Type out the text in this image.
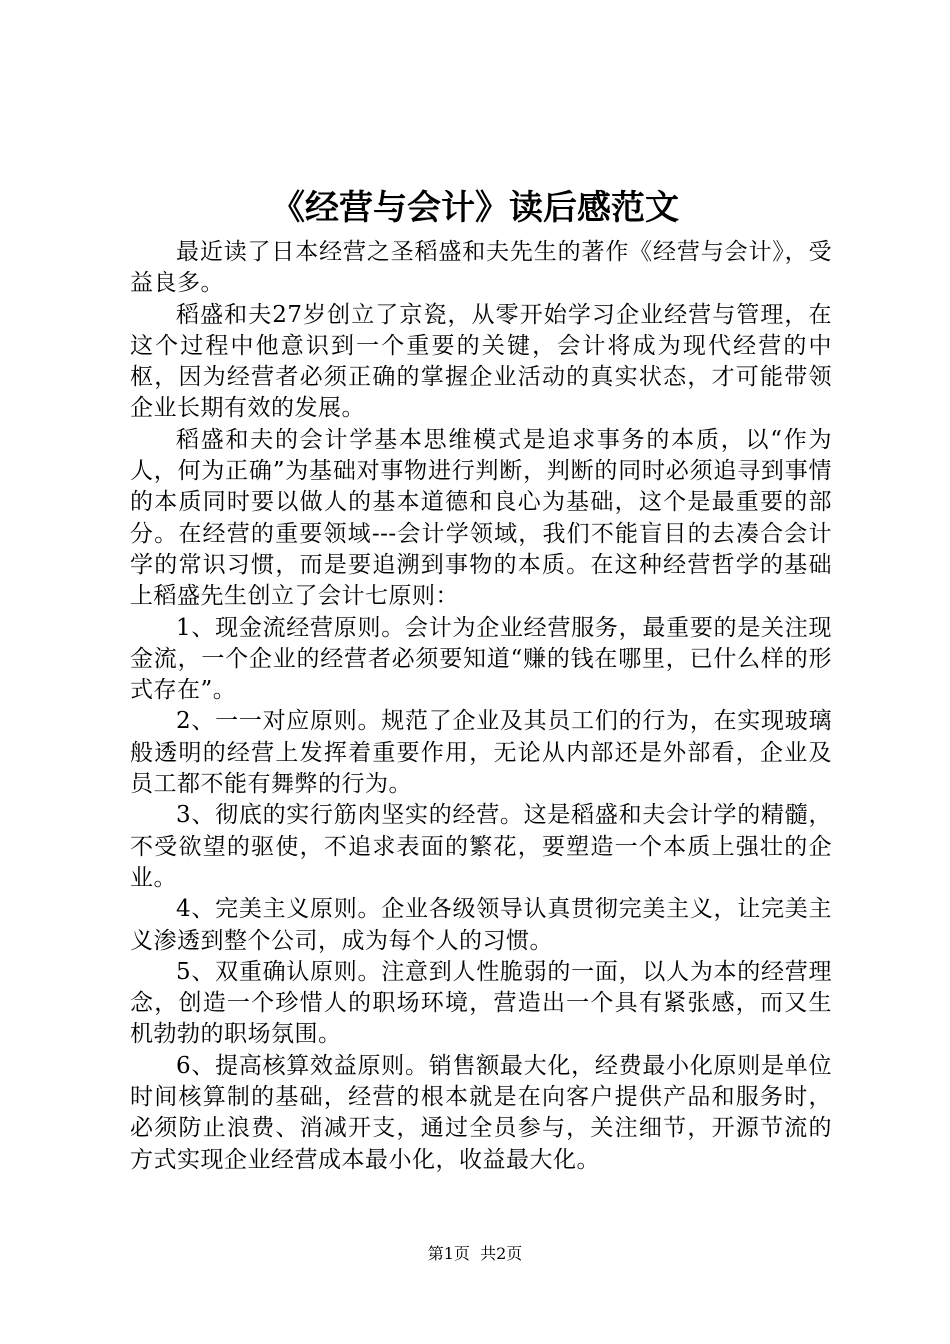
《经营与会计》读后感范文

最近读了日本经营之圣稻盛和夫先生的著作《经营与会计》，受益良多。

稻盛和夫27岁创立了京瓷，从零开始学习企业经营与管理，在这个过程中他意识到一个重要的关键，会计将成为现代经营的中枢，因为经营者必须正确的掌握企业活动的真实状态，才可能带领企业长期有效的发展。

稻盛和夫的会计学基本思维模式是追求事务的本质，以“作为人，何为正确”为基础对事物进行判断，判断的同时必须追寻到事情的本质同时要以做人的基本道德和良心为基础，这个是最重要的部分。在经营的重要领域---会计学领域，我们不能盲目的去凑合会计学的常识习惯，而是要追溯到事物的本质。在这种经营哲学的基础上稻盛先生创立了会计七原则：

1、现金流经营原则。会计为企业经营服务，最重要的是关注现金流，一个企业的经营者必须要知道“赚的钱在哪里，已什么样的形式存在”。

2、一一对应原则。规范了企业及其员工们的行为，在实现玻璃般透明的经营上发挥着重要作用，无论从内部还是外部看，企业及员工都不能有舞弊的行为。

3、彻底的实行筋肉坚实的经营。这是稻盛和夫会计学的精髓，不受欲望的驱使，不追求表面的繁花，要塑造一个本质上强壮的企业。

4、完美主义原则。企业各级领导认真贯彻完美主义，让完美主义渗透到整个公司，成为每个人的习惯。

5、双重确认原则。注意到人性脆弱的一面，以人为本的经营理念，创造一个珍惜人的职场环境，营造出一个具有紧张感，而又生机勃勃的职场氛围。

6、提高核算效益原则。销售额最大化，经费最小化原则是单位时间核算制的基础，经营的根本就是在向客户提供产品和服务时，必须防止浪费、消减开支，通过全员参与，关注细节，开源节流的方式实现企业经营成本最小化，收益最大化。

第1页  共2页
